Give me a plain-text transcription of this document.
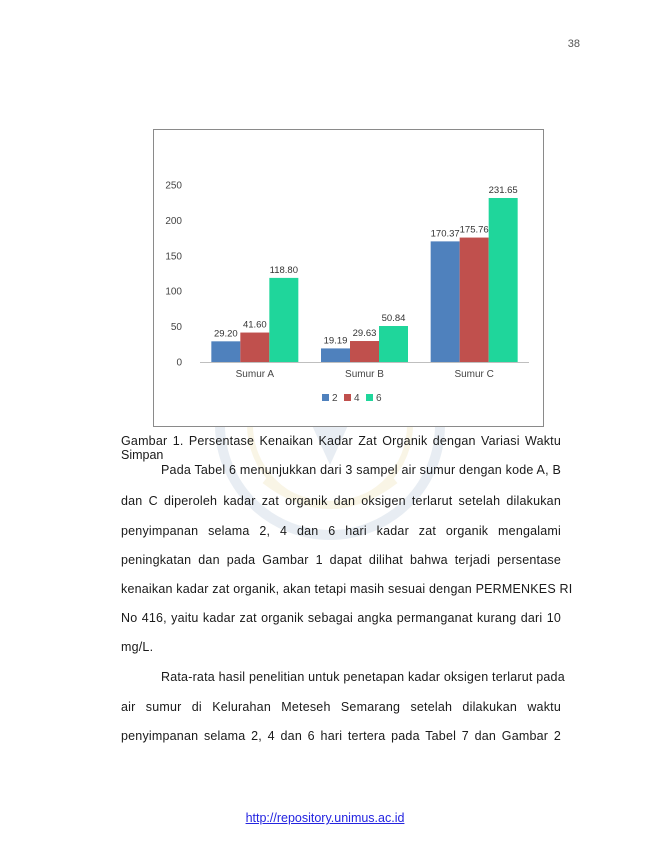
38
0
50
100
150
200
250
29.20
41.60
118.80
Sumur A
19.19
29.63
50.84
Sumur B
170.37 175.76
231.65
Sumur C
2 4 6
Gambar 1. Persentase Kenaikan Kadar Zat Organik dengan Variasi Waktu
Simpan
Pada Tabel 6 menunjukkan dari 3 sampel air sumur dengan kode A, B
dan C diperoleh kadar zat organik dan oksigen terlarut setelah dilakukan
penyimpanan selama 2, 4 dan 6 hari kadar zat organik mengalami
peningkatan dan pada Gambar 1 dapat dilihat bahwa terjadi persentase
kenaikan kadar zat organik, akan tetapi masih sesuai dengan PERMENKES RI
No 416, yaitu kadar zat organik sebagai angka permanganat kurang dari 10
mg/L.
Rata-rata hasil penelitian untuk penetapan kadar oksigen terlarut pada
air sumur di Kelurahan Meteseh Semarang setelah dilakukan waktu
penyimpanan selama 2, 4 dan 6 hari tertera pada Tabel 7 dan Gambar 2
http://repository.unimus.ac.id
